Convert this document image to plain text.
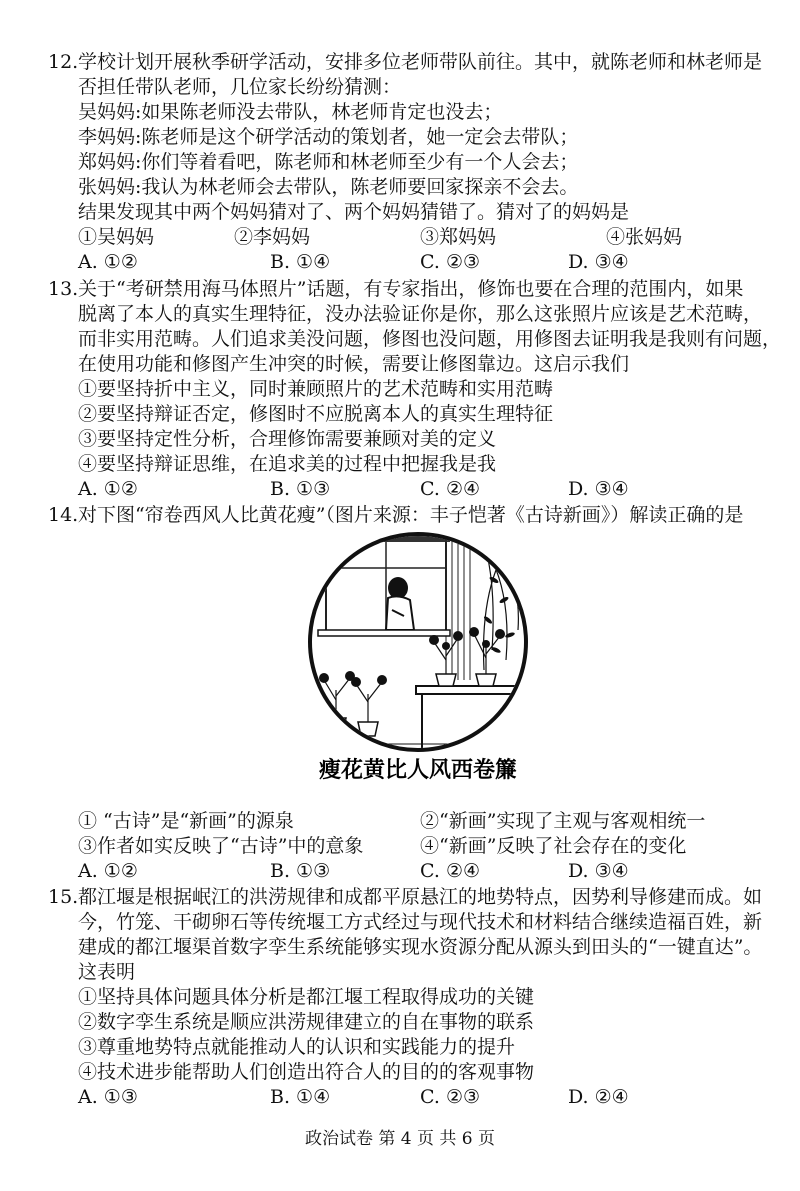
12. 学校计划开展秋季研学活动，安排多位老师带队前往。其中，就陈老师和林老师是
否担任带队老师，几位家长纷纷猜测：
吴妈妈:如果陈老师没去带队，林老师肯定也没去；
李妈妈:陈老师是这个研学活动的策划者，她一定会去带队；
郑妈妈:你们等着看吧，陈老师和林老师至少有一个人会去；
张妈妈:我认为林老师会去带队，陈老师要回家探亲不会去。
结果发现其中两个妈妈猜对了、两个妈妈猜错了。猜对了的妈妈是
①吴妈妈	②李妈妈	③郑妈妈	④张妈妈
A. ①②	B. ①④	C. ②③	D. ③④
13. 关于“考研禁用海马体照片”话题，有专家指出，修饰也要在合理的范围内，如果
脱离了本人的真实生理特征，没办法验证你是你，那么这张照片应该是艺术范畴，
而非实用范畴。人们追求美没问题，修图也没问题，用修图去证明我是我则有问题，
在使用功能和修图产生冲突的时候，需要让修图靠边。这启示我们
①要坚持折中主义，同时兼顾照片的艺术范畴和实用范畴
②要坚持辩证否定，修图时不应脱离本人的真实生理特征
③要坚持定性分析，合理修饰需要兼顾对美的定义
④要坚持辩证思维，在追求美的过程中把握我是我
A. ①②	B. ①③	C. ②④	D. ③④
14. 对下图“帘卷西风人比黄花瘦”（图片来源：丰子恺著《古诗新画》）解读正确的是
瘦花黄比人风西卷簾
① “古诗”是“新画”的源泉	②“新画”实现了主观与客观相统一
③作者如实反映了“古诗”中的意象	④“新画”反映了社会存在的变化
A. ①②	B. ①③	C. ②④	D. ③④
15. 都江堰是根据岷江的洪涝规律和成都平原悬江的地势特点，因势利导修建而成。如
今，竹笼、干砌卵石等传统堰工方式经过与现代技术和材料结合继续造福百姓，新
建成的都江堰渠首数字孪生系统能够实现水资源分配从源头到田头的“一键直达”。
这表明
①坚持具体问题具体分析是都江堰工程取得成功的关键
②数字孪生系统是顺应洪涝规律建立的自在事物的联系
③尊重地势特点就能推动人的认识和实践能力的提升
④技术进步能帮助人们创造出符合人的目的的客观事物
A. ①③	B. ①④	C. ②③	D. ②④
政治试卷 第 4 页 共 6 页
